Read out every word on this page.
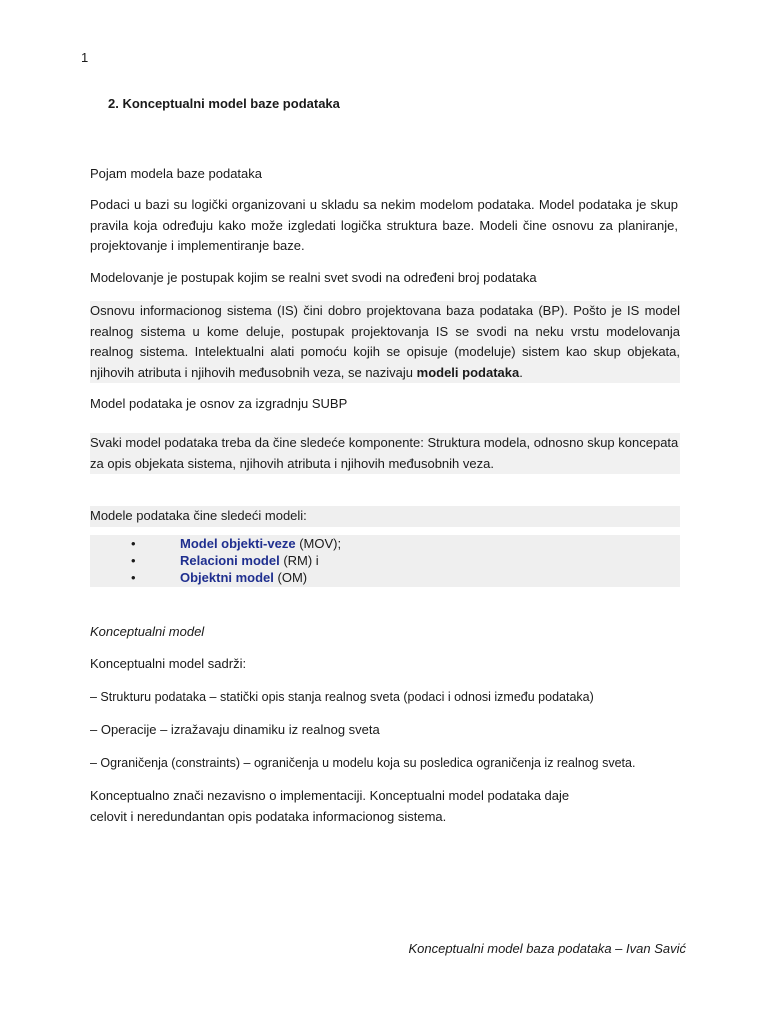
1
2. Konceptualni model baze podataka
Pojam modela baze podataka
Podaci u bazi su logički organizovani u skladu sa nekim modelom podataka. Model podataka je skup pravila koja određuju kako može izgledati logička struktura baze. Modeli čine osnovu za planiranje, projektovanje i implementiranje baze.
Modelovanje je postupak kojim se realni svet svodi na određeni broj podataka
Osnovu informacionog sistema (IS) čini dobro projektovana baza podataka (BP). Pošto je IS model realnog sistema u kome deluje, postupak projektovanja IS se svodi na neku vrstu modelovanja realnog sistema. Intelektualni alati pomoću kojih se opisuje (modeluje) sistem kao skup objekata, njihovih atributa i njihovih međusobnih veza, se nazivaju modeli podataka.
Model podataka je osnov za izgradnju SUBP
Svaki model podataka treba da čine sledeće komponente: Struktura modela, odnosno skup koncepata za opis objekata sistema, njihovih atributa i njihovih međusobnih veza.
Modele podataka čine sledeći modeli:
•	Model objekti-veze (MOV);
•	Relacioni model (RM) i
•	Objektni model (OM)
Konceptualni model
Konceptualni model sadrži:
– Strukturu podataka – statički opis stanja realnog sveta (podaci i odnosi između podataka)
– Operacije – izražavaju dinamiku iz realnog sveta
– Ograničenja (constraints) – ograničenja u modelu koja su posledica ograničenja iz realnog sveta.
Konceptualno znači nezavisno o implementaciji. Konceptualni model podataka daje celovit i neredundantan opis podataka informacionog sistema.
Konceptualni model baza podataka – Ivan Savić
